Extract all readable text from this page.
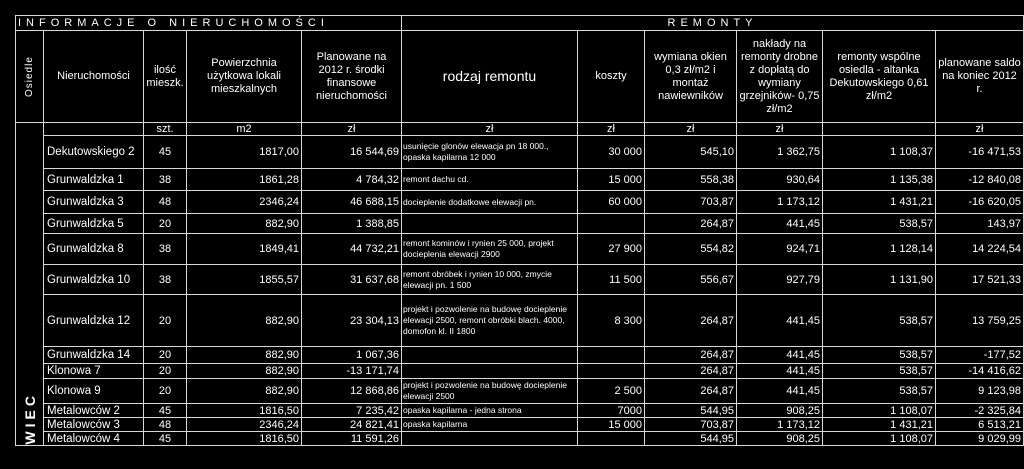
INFORMACJE O NIERUCHOMOŚCI					REMONTY					
Osiedle	Nieruchomości	ilość mieszk.	Powierzchnia użytkowa lokali mieszkalnych	Planowane na 2012 r. środki finansowe nieruchomości	rodzaj remontu	koszty	wymiana okien 0,3 zł/m2 i montaż nawiewników	nakłady na remonty drobne z dopłatą do wymiany grzejników- 0,75 zł/m2	remonty wspólne osiedla - altanka Dekutowskiego 0,61 zł/m2	planowane saldo na koniec 2012 r.

WIEC		szt.	m2	zł	zł	zł	zł	zł		zł
	Dekutowskiego 2	45	1817,00	16 544,69	usunięcie glonów elewacja pn 18 000., opaska kapilarna 12 000	30 000	545,10	1 362,75	1 108,37	-16 471,53
	Grunwaldzka 1	38	1861,28	4 784,32	remont dachu cd.	15 000	558,38	930,64	1 135,38	-12 840,08
	Grunwaldzka 3	48	2346,24	46 688,15	docieplenie dodatkowe elewacji pn.	60 000	703,87	1 173,12	1 431,21	-16 620,05
	Grunwaldzka 5	20	882,90	1 388,85			264,87	441,45	538,57	143,97
	Grunwaldzka 8	38	1849,41	44 732,21	remont kominów i rynien 25 000, projekt docieplenia elewacji 2900	27 900	554,82	924,71	1 128,14	14 224,54
	Grunwaldzka 10	38	1855,57	31 637,68	remont obróbek i rynien 10 000, zmycie elewacji pn. 1 500	11 500	556,67	927,79	1 131,90	17 521,33
	Grunwaldzka 12	20	882,90	23 304,13	projekt i pozwolenie na budowę docieplenie elewacji 2500, remont obróbki blach. 4000, domofon kl. II 1800	8 300	264,87	441,45	538,57	13 759,25
	Grunwaldzka 14	20	882,90	1 067,36			264,87	441,45	538,57	-177,52
	Klonowa 7	20	882,90	-13 171,74			264,87	441,45	538,57	-14 416,62
	Klonowa 9	20	882,90	12 868,86	projekt i pozwolenie na budowę docieplenie elewacji 2500	2 500	264,87	441,45	538,57	9 123,98
	Metalowców 2	45	1816,50	7 235,42	opaska kapilarna - jedna strona	7000	544,95	908,25	1 108,07	-2 325,84
	Metalowców 3	48	2346,24	24 821,41	opaska kapilarna	15 000	703,87	1 173,12	1 431,21	6 513,21
	Metalowców 4	45	1816,50	11 591,26			544,95	908,25	1 108,07	9 029,99
